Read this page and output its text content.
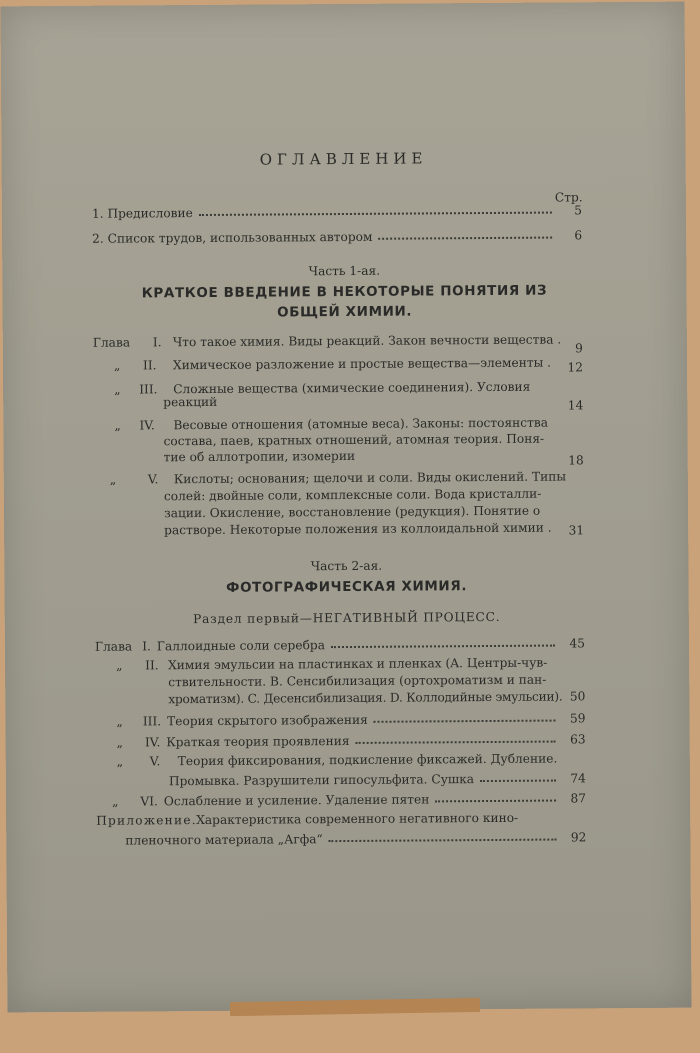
ОГЛАВЛЕНИЕ
Стр.
1. Предисловие	5
2. Список трудов, использованных автором	6
Часть 1-ая.
КРАТКОЕ ВВЕДЕНИЕ В НЕКОТОРЫЕ ПОНЯТИЯ ИЗ
ОБЩЕЙ ХИМИИ.
Глава I. Что такое химия. Виды реакций. Закон вечности вещества .	9
„ II. Химическое разложение и простые вещества—элементы .	12
„ III. Сложные вещества (химические соединения). Условия
реакций	14
„ IV. Весовые отношения (атомные веса). Законы: постоянства
состава, паев, кратных отношений, атомная теория. Поня-
тие об аллотропии, изомерии	18
„	V. Кислоты; основания; щелочи и соли. Виды окислений. Типы
солей: двойные соли, комплексные соли. Вода кристалли-
зации. Окисление, восстановление (редукция). Понятие о
растворе. Некоторые положения из коллоидальной химии .	31
Часть 2-ая.
ФОТОГРАФИЧЕСКАЯ ХИМИЯ.
Раздел первый—НЕГАТИВНЫЙ ПРОЦЕСС.
Глава I. Галлоидные соли серебра	45
„ II. Химия эмульсии на пластинках и пленках (A. Центры-чув-
ствительности. B. Сенсибилизация (ортохроматизм и пан-
хроматизм). C. Десенсибилизация. D. Коллодийные эмульсии). 50
„ III. Теория скрытого изображения	59
„ IV. Краткая теория проявления	63
„ V. Теория фиксирования, подкисление фиксажей. Дубление.
Промывка. Разрушители гипосульфита. Сушка	74
„ VI. Ослабление и усиление. Удаление пятен	87
Приложение. Характеристика современного негативного кино-
пленочного материала „Агфа“	92
